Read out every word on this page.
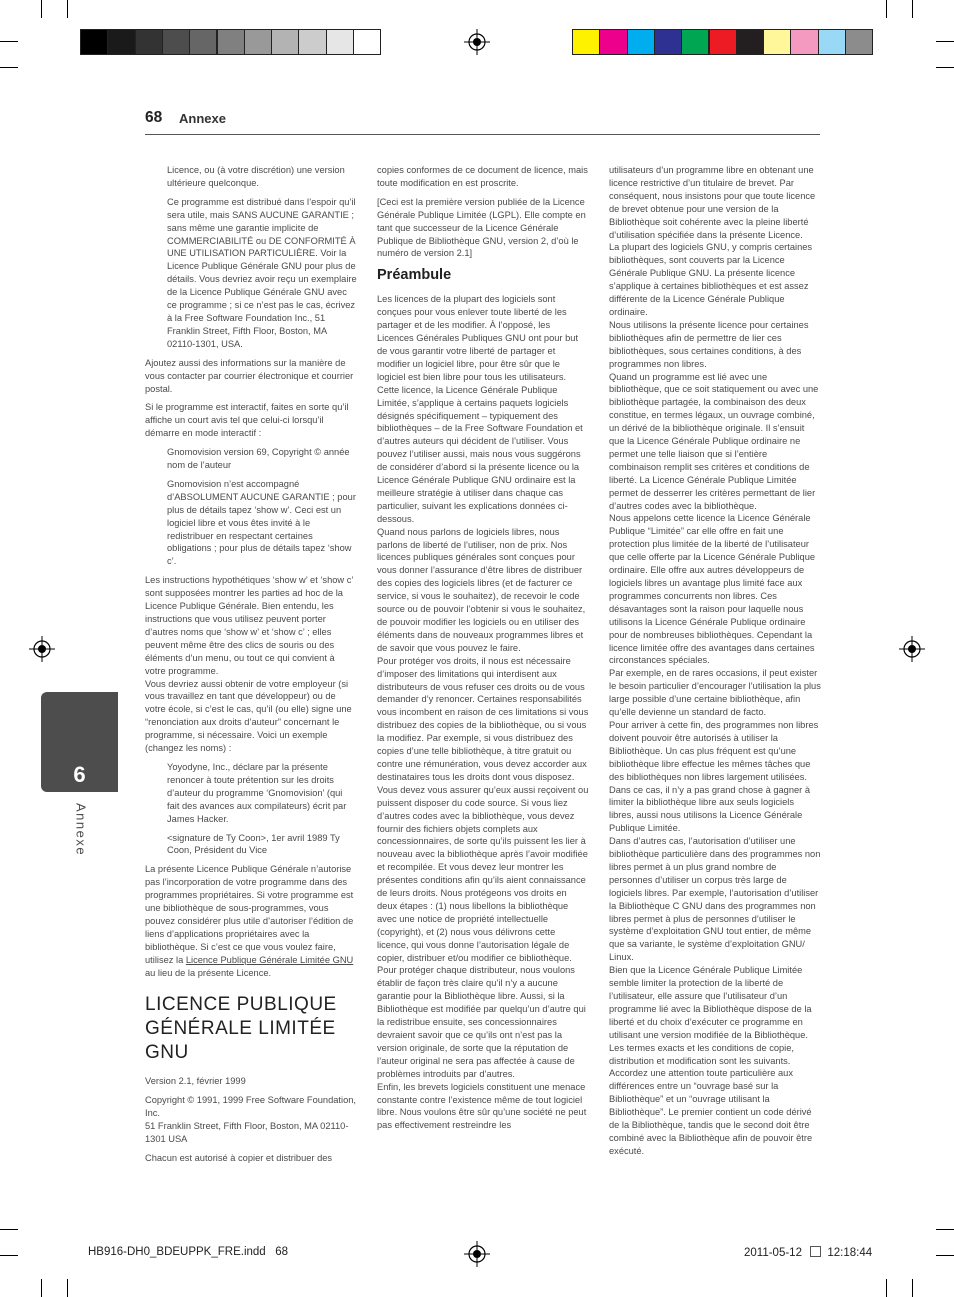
68 Annexe
6
Annexe

Licence, ou (à votre discrétion) une version ultérieure quelconque.

Ce programme est distribué dans l’espoir qu’il sera utile, mais SANS AUCUNE GARANTIE ; sans même une garantie implicite de COMMERCIABILITÉ ou DE CONFORMITÉ À UNE UTILISATION PARTICULIÈRE. Voir la Licence Publique Générale GNU pour plus de détails. Vous devriez avoir reçu un exemplaire de la Licence Publique Générale GNU avec ce programme ; si ce n’est pas le cas, écrivez à la Free Software Foundation Inc., 51 Franklin Street, Fifth Floor, Boston, MA 02110-1301, USA.

Ajoutez aussi des informations sur la manière de vous contacter par courrier électronique et courrier postal.

Si le programme est interactif, faites en sorte qu’il affiche un court avis tel que celui-ci lorsqu’il démarre en mode interactif :

Gnomovision version 69, Copyright © année nom de l’auteur

Gnomovision n’est accompagné d’ABSOLUMENT AUCUNE GARANTIE ; pour plus de détails tapez ‘show w’. Ceci est un logiciel libre et vous êtes invité à le redistribuer en respectant certaines obligations ; pour plus de détails tapez ‘show c’.

Les instructions hypothétiques ‘show w’ et ‘show c’ sont supposées montrer les parties ad hoc de la Licence Publique Générale. Bien entendu, les instructions que vous utilisez peuvent porter d’autres noms que ‘show w’ et ‘show c’ ; elles peuvent même être des clics de souris ou des éléments d’un menu, ou tout ce qui convient à votre programme.

Vous devriez aussi obtenir de votre employeur (si vous travaillez en tant que développeur) ou de votre école, si c’est le cas, qu’il (ou elle) signe une “renonciation aux droits d’auteur” concernant le programme, si nécessaire. Voici un exemple (changez les noms) :

Yoyodyne, Inc., déclare par la présente renoncer à toute prétention sur les droits d’auteur du programme ‘Gnomovision’ (qui fait des avances aux compilateurs) écrit par James Hacker.

<signature de Ty Coon>, 1er avril 1989 Ty Coon, Président du Vice

La présente Licence Publique Générale n’autorise pas l’incorporation de votre programme dans des programmes propriétaires. Si votre programme est une bibliothèque de sous-programmes, vous pouvez considérer plus utile d’autoriser l’édition de liens d’applications propriétaires avec la bibliothèque. Si c’est ce que vous voulez faire, utilisez la Licence Publique Générale Limitée GNU au lieu de la présente Licence.

LICENCE PUBLIQUE GÉNÉRALE LIMITÉE GNU

Version 2.1, février 1999

Copyright © 1991, 1999 Free Software Foundation, Inc.

51 Franklin Street, Fifth Floor, Boston, MA 02110-1301 USA

Chacun est autorisé à copier et distribuer des

copies conformes de ce document de licence, mais toute modification en est proscrite.

[Ceci est la première version publiée de la Licence Générale Publique Limitée (LGPL). Elle compte en tant que successeur de la Licence Générale Publique de Bibliothèque GNU, version 2, d’où le numéro de version 2.1]

Préambule

Les licences de la plupart des logiciels sont conçues pour vous enlever toute liberté de les partager et de les modifier. À l’opposé, les Licences Générales Publiques GNU ont pour but de vous garantir votre liberté de partager et modifier un logiciel libre, pour être sûr que le logiciel est bien libre pour tous les utilisateurs. Cette licence, la Licence Générale Publique Limitée, s’applique à certains paquets logiciels désignés spécifiquement – typiquement des bibliothèques – de la Free Software Foundation et d’autres auteurs qui décident de l’utiliser. Vous pouvez l’utiliser aussi, mais nous vous suggérons de considérer d’abord si la présente licence ou la Licence Générale Publique GNU ordinaire est la meilleure stratégie à utiliser dans chaque cas particulier, suivant les explications données ci-dessous.

Quand nous parlons de logiciels libres, nous parlons de liberté de l’utiliser, non de prix. Nos licences publiques générales sont conçues pour vous donner l’assurance d’être libres de distribuer des copies des logiciels libres (et de facturer ce service, si vous le souhaitez), de recevoir le code source ou de pouvoir l’obtenir si vous le souhaitez, de pouvoir modifier les logiciels ou en utiliser des éléments dans de nouveaux programmes libres et de savoir que vous pouvez le faire.

Pour protéger vos droits, il nous est nécessaire d’imposer des limitations qui interdisent aux distributeurs de vous refuser ces droits ou de vous demander d’y renoncer. Certaines responsabilités vous incombent en raison de ces limitations si vous distribuez des copies de la bibliothèque, ou si vous la modifiez. Par exemple, si vous distribuez des copies d’une telle bibliothèque, à titre gratuit ou contre une rémunération, vous devez accorder aux destinataires tous les droits dont vous disposez. Vous devez vous assurer qu’eux aussi reçoivent ou puissent disposer du code source. Si vous liez d’autres codes avec la bibliothèque, vous devez fournir des fichiers objets complets aux concessionnaires, de sorte qu’ils puissent les lier à nouveau avec la bibliothèque après l’avoir modifiée et recompilée. Et vous devez leur montrer les présentes conditions afin qu’ils aient connaissance de leurs droits. Nous protégeons vos droits en deux étapes : (1) nous libellons la bibliothèque avec une notice de propriété intellectuelle (copyright), et (2) nous vous délivrons cette licence, qui vous donne l’autorisation légale de copier, distribuer et/ou modifier ce bibliothèque.

Pour protéger chaque distributeur, nous voulons établir de façon très claire qu’il n’y a aucune garantie pour la Bibliothèque libre. Aussi, si la Bibliothèque est modifiée par quelqu’un d’autre qui la redistribue ensuite, ses concessionnaires devraient savoir que ce qu’ils ont n’est pas la version originale, de sorte que la réputation de l’auteur original ne sera pas affectée à cause de problèmes introduits par d’autres.

Enfin, les brevets logiciels constituent une menace constante contre l’existence même de tout logiciel libre. Nous voulons être sûr qu’une société ne peut pas effectivement restreindre les

utilisateurs d’un programme libre en obtenant une licence restrictive d’un titulaire de brevet. Par conséquent, nous insistons pour que toute licence de brevet obtenue pour une version de la Bibliothèque soit cohérente avec la pleine liberté d’utilisation spécifiée dans la présente Licence.

La plupart des logiciels GNU, y compris certaines bibliothèques, sont couverts par la Licence Générale Publique GNU. La présente licence s’applique à certaines bibliothèques et est assez différente de la Licence Générale Publique ordinaire.

Nous utilisons la présente licence pour certaines bibliothèques afin de permettre de lier ces bibliothèques, sous certaines conditions, à des programmes non libres.

Quand un programme est lié avec une bibliothèque, que ce soit statiquement ou avec une bibliothèque partagée, la combinaison des deux constitue, en termes légaux, un ouvrage combiné, un dérivé de la bibliothèque originale. Il s’ensuit que la Licence Générale Publique ordinaire ne permet une telle liaison que si l’entière combinaison remplit ses critères et conditions de liberté. La Licence Générale Publique Limitée permet de desserrer les critères permettant de lier d’autres codes avec la bibliothèque.

Nous appelons cette licence la Licence Générale Publique “Limitée” car elle offre en fait une protection plus limitée de la liberté de l’utilisateur que celle offerte par la Licence Générale Publique ordinaire. Elle offre aux autres développeurs de logiciels libres un avantage plus limité face aux programmes concurrents non libres. Ces désavantages sont la raison pour laquelle nous utilisons la Licence Générale Publique ordinaire pour de nombreuses bibliothèques. Cependant la licence limitée offre des avantages dans certaines circonstances spéciales.

Par exemple, en de rares occasions, il peut exister le besoin particulier d’encourager l’utilisation la plus large possible d’une certaine bibliothèque, afin qu’elle devienne un standard de facto.

Pour arriver à cette fin, des programmes non libres doivent pouvoir être autorisés à utiliser la Bibliothèque. Un cas plus fréquent est qu’une bibliothèque libre effectue les mêmes tâches que des bibliothèques non libres largement utilisées. Dans ce cas, il n’y a pas grand chose à gagner à limiter la bibliothèque libre aux seuls logiciels libres, aussi nous utilisons la Licence Générale Publique Limitée.

Dans d’autres cas, l’autorisation d’utiliser une bibliothèque particulière dans des programmes non libres permet à un plus grand nombre de personnes d’utiliser un corpus très large de logiciels libres. Par exemple, l’autorisation d’utiliser la Bibliothèque C GNU dans des programmes non libres permet à plus de personnes d’utiliser le système d’exploitation GNU tout entier, de même que sa variante, le système d’exploitation GNU/ Linux.

Bien que la Licence Générale Publique Limitée semble limiter la protection de la liberté de l’utilisateur, elle assure que l’utilisateur d’un programme lié avec la Bibliothèque dispose de la liberté et du choix d’exécuter ce programme en utilisant une version modifiée de la Bibliothèque.

Les termes exacts et les conditions de copie, distribution et modification sont les suivants. Accordez une attention toute particulière aux différences entre un “ouvrage basé sur la Bibliothèque” et un “ouvrage utilisant la Bibliothèque”. Le premier contient un code dérivé de la Bibliothèque, tandis que le second doit être combiné avec la Bibliothèque afin de pouvoir être exécuté.

HB916-DH0_BDEUPPK_FRE.indd   68	2011-05-12 12:18:44
